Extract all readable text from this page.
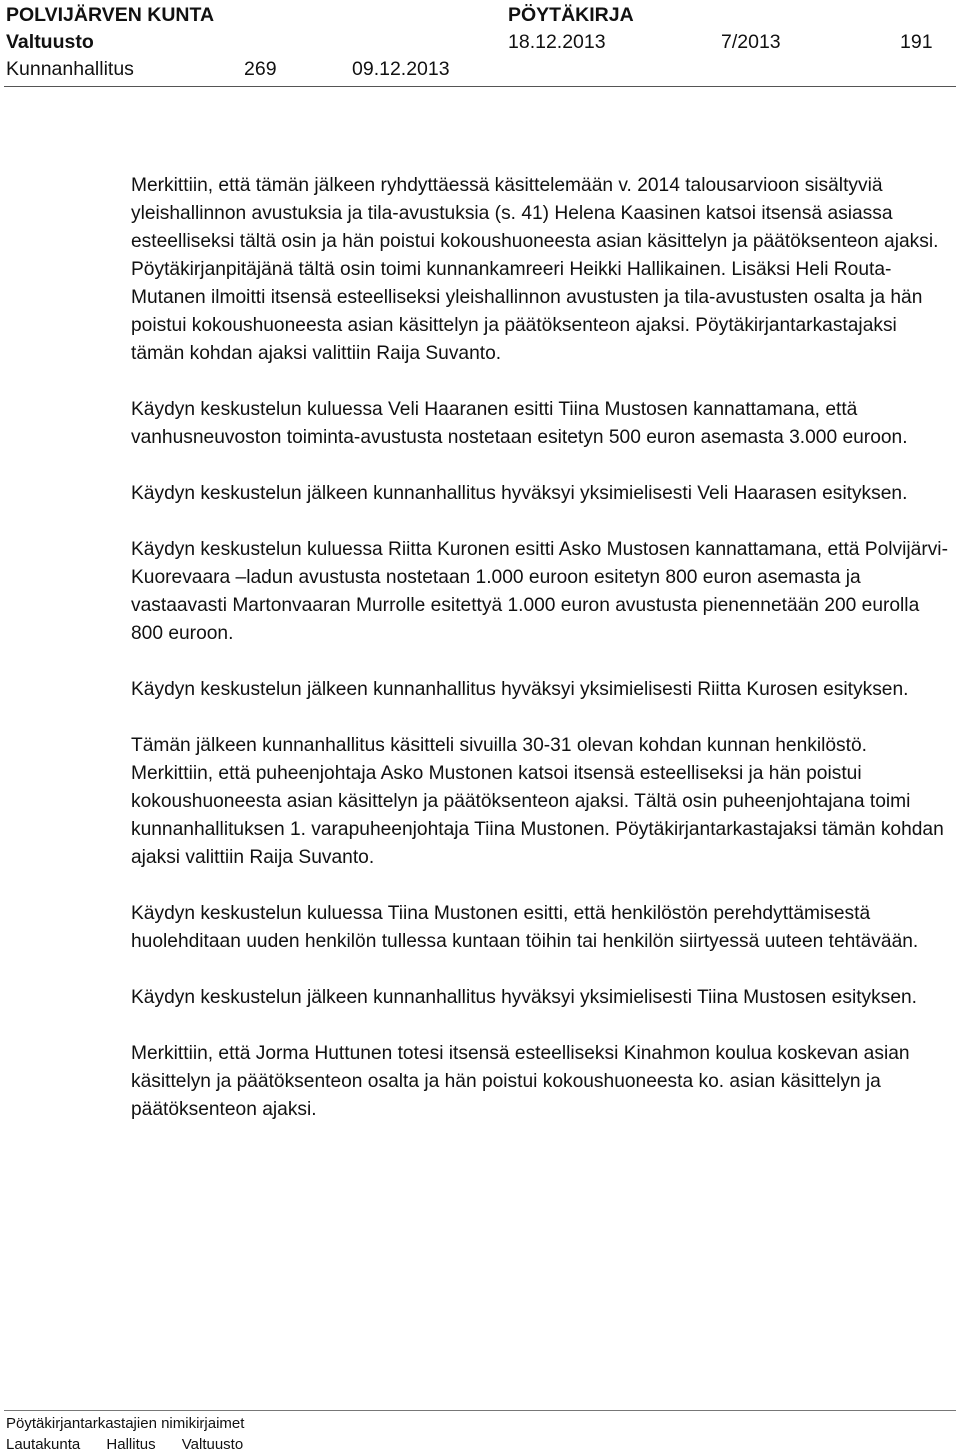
POLVIJÄRVEN KUNTA	PÖYTÄKIRJA
Valtuusto	18.12.2013	7/2013	191
Kunnanhallitus	269	09.12.2013

Merkittiin, että tämän jälkeen ryhdyttäessä käsittelemään v. 2014 talousarvioon sisältyviä yleishallinnon avustuksia ja tila-avustuksia (s. 41) Helena Kaasinen katsoi itsensä asiassa esteelliseksi tältä osin ja hän poistui kokoushuoneesta asian käsittelyn ja päätöksenteon ajaksi. Pöytäkirjanpitäjänä tältä osin toimi kunnankamreeri Heikki Hallikainen. Lisäksi Heli Routa-Mutanen ilmoitti itsensä esteelliseksi yleishallinnon avustusten ja tila-avustusten osalta ja hän poistui kokoushuoneesta asian käsittelyn ja päätöksenteon ajaksi. Pöytäkirjantarkastajaksi tämän kohdan ajaksi valittiin Raija Suvanto.

Käydyn keskustelun kuluessa Veli Haaranen esitti Tiina Mustosen kannattamana, että vanhusneuvoston toiminta-avustusta nostetaan esitetyn 500 euron asemasta 3.000 euroon.

Käydyn keskustelun jälkeen kunnanhallitus hyväksyi yksimielisesti Veli Haarasen esityksen.

Käydyn keskustelun kuluessa Riitta Kuronen esitti Asko Mustosen kannattamana, että Polvijärvi-Kuorevaara –ladun avustusta nostetaan 1.000 euroon esitetyn 800 euron asemasta ja vastaavasti Martonvaaran Murrolle esitettyä 1.000 euron avustusta pienennetään 200 eurolla 800 euroon.

Käydyn keskustelun jälkeen kunnanhallitus hyväksyi yksimielisesti Riitta Kurosen esityksen.

Tämän jälkeen kunnanhallitus käsitteli sivuilla 30-31 olevan kohdan kunnan henkilöstö. Merkittiin, että puheenjohtaja Asko Mustonen katsoi itsensä esteelliseksi ja hän poistui kokoushuoneesta asian käsittelyn ja päätöksenteon ajaksi. Tältä osin puheenjohtajana toimi kunnanhallituksen 1. varapuheenjohtaja Tiina Mustonen. Pöytäkirjantarkastajaksi tämän kohdan ajaksi valittiin Raija Suvanto.

Käydyn keskustelun kuluessa Tiina Mustonen esitti, että henkilöstön perehdyttämisestä huolehditaan uuden henkilön tullessa kuntaan töihin tai henkilön siirtyessä uuteen tehtävään.

Käydyn keskustelun jälkeen kunnanhallitus hyväksyi yksimielisesti Tiina Mustosen esityksen.

Merkittiin, että Jorma Huttunen totesi itsensä esteelliseksi Kinahmon koulua koskevan asian käsittelyn ja päätöksenteon osalta ja hän poistui kokoushuoneesta ko. asian käsittelyn ja päätöksenteon ajaksi.

Pöytäkirjantarkastajien nimikirjaimet
Lautakunta Hallitus Valtuusto
